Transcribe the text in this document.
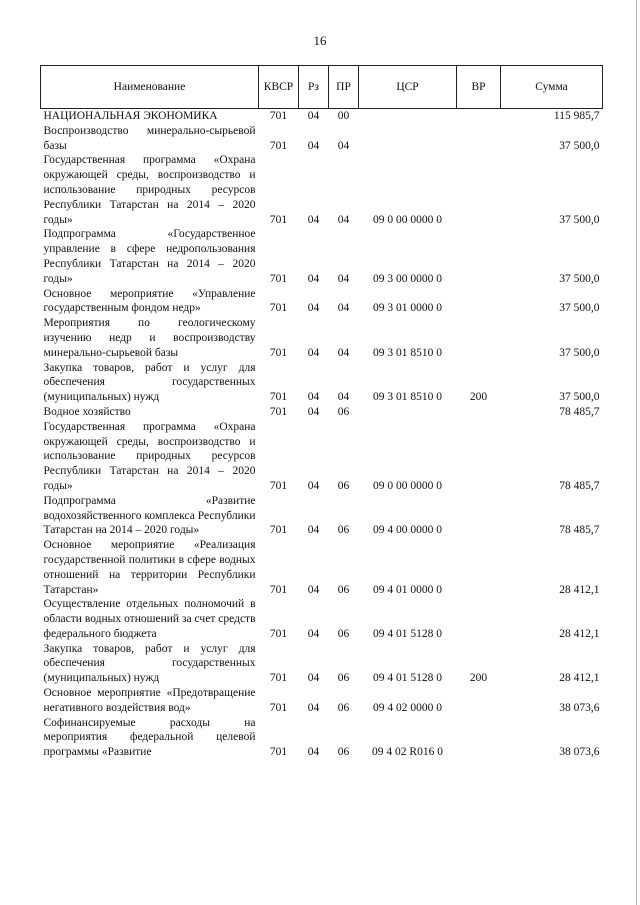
16
Наименование	КВСР	Рз	ПР	ЦСР	ВР	Сумма
НАЦИОНАЛЬНАЯ ЭКОНОМИКА	701	04	00			115 985,7
Воспроизводство минерально-сырьевой базы	701	04	04			37 500,0
Государственная программа «Охрана окружающей среды, воспроизводство и использование природных ресурсов Республики Татарстан на 2014 – 2020 годы»	701	04	04	09 0 00 0000 0		37 500,0
Подпрограмма «Государственное управление в сфере недропользования Республики Татарстан на 2014 – 2020 годы»	701	04	04	09 3 00 0000 0		37 500,0
Основное мероприятие «Управление государственным фондом недр»	701	04	04	09 3 01 0000 0		37 500,0
Мероприятия по геологическому изучению недр и воспроизводству минерально-сырьевой базы	701	04	04	09 3 01 8510 0		37 500,0
Закупка товаров, работ и услуг для обеспечения государственных (муниципальных) нужд	701	04	04	09 3 01 8510 0	200	37 500,0
Водное хозяйство	701	04	06			78 485,7
Государственная программа «Охрана окружающей среды, воспроизводство и использование природных ресурсов Республики Татарстан на 2014 – 2020 годы»	701	04	06	09 0 00 0000 0		78 485,7
Подпрограмма «Развитие водохозяйственного комплекса Республики Татарстан на 2014 – 2020 годы»	701	04	06	09 4 00 0000 0		78 485,7
Основное мероприятие «Реализация государственной политики в сфере водных отношений на территории Республики Татарстан»	701	04	06	09 4 01 0000 0		28 412,1
Осуществление отдельных полномочий в области водных отношений за счет средств федерального бюджета	701	04	06	09 4 01 5128 0		28 412,1
Закупка товаров, работ и услуг для обеспечения государственных (муниципальных) нужд	701	04	06	09 4 01 5128 0	200	28 412,1
Основное мероприятие «Предотвращение негативного воздействия вод»	701	04	06	09 4 02 0000 0		38 073,6
Софинансируемые расходы на мероприятия федеральной целевой программы «Развитие	701	04	06	09 4 02 R016 0		38 073,6
